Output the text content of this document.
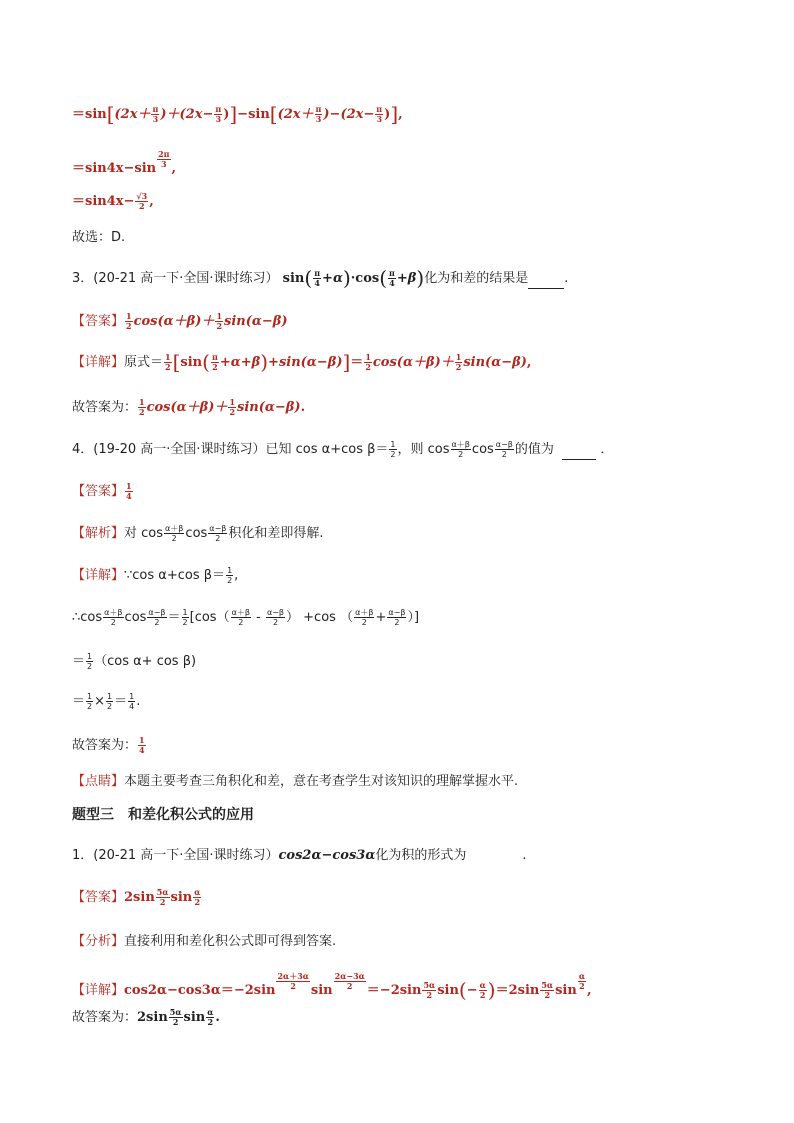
$=\sin[(2x+ \frac{\pi}{3} )+(2x- \frac{\pi}{3} )]-\sin[(2x+ \frac{\pi}{3} )-(2x- \frac{\pi}{3}$ )],
$=\sin 4x-\sin \frac{2\pi}{3}$ ,
$=\sin 4x- \frac{√3}{2}$ ,
故选：D.
3．(20-21 高一下·全国·课时练习） $\sin( \frac{\pi}{4} +\alpha)\cdot\cos( \frac{\pi}{4} +\beta)$化为和差的结果是	.
【答案】 $\frac{1}{2} \cos(\alpha+\beta)+ \frac{1}{2} \sin(\alpha-\beta)$
【详解】原式＝ $\frac{1}{2} [\sin( \frac{\pi}{2} +\alpha+\beta)+\sin(\alpha-\beta)]= \frac{1}{2} \cos(\alpha+\beta)+ \frac{1}{2} \sin(\alpha-\beta)$,
故答案为： $\frac{1}{2} \cos(\alpha+\beta)+ \frac{1}{2} \sin(\alpha-\beta)$.
4．(19-20 高一·全国·课时练习）已知 cos α+cos $\beta= \frac{1}{2}$ ，则 $\cos \frac{\alpha+\beta}{2}$ $\cos \frac{\alpha-\beta}{2}$ 的值为	．
【答案】 $\frac{1}{4}$
【解析】对 $\cos \frac{\alpha+\beta}{2}$ $\cos \frac{\alpha-\beta}{2}$ 积化和差即得解.
【详解】∵cos α+cos $\beta= \frac{1}{2}$ ,
∴cos $\frac{\alpha+\beta}{2}$ $\cos \frac{\alpha-\beta}{2} = \frac{1}{2} [\cos( \frac{\alpha+\beta}{2} - \frac{\alpha-\beta}{2}$ ） +cos （ $\frac{\alpha+\beta}{2} + \frac{\alpha-\beta}{2}$ ）]
＝ $\frac{1}{2} (\cos$ α+ cos β)
＝ $\frac{1}{2} \times \frac{1}{2} = \frac{1}{4}$ .
故答案为： $\frac{1}{4}$
【点睛】本题主要考查三角积化和差，意在考查学生对该知识的理解掌握水平.
题型三　和差化积公式的应用
1．(20-21 高一下·全国·课时练习）cos2α−cos3α化为积的形式为	.
【答案】$2\sin \frac{5\alpha}{2}$ $\sin \frac{\alpha}{2}$
【分析】直接利用和差化积公式即可得到答案.
【详解】$\cos 2\alpha-\cos 3\alpha=-2\sin \frac{2\alpha+3\alpha}{2}$ $\sin \frac{2\alpha-3\alpha}{2} =-2\sin \frac{5\alpha}{2} \sin(- \frac{\alpha}{2} )=2\sin \frac{5\alpha}{2}$ $\sin \frac{\alpha}{2}$ ,
故答案为：$2\sin \frac{5\alpha}{2}$ $\sin \frac{\alpha}{2}$ .
